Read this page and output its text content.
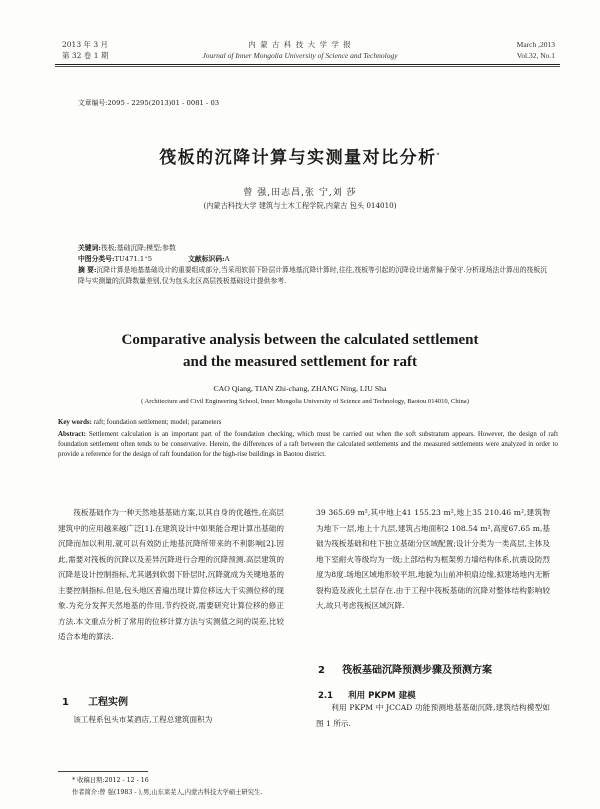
2013 年 3 月
第 32 卷 1 期
内 蒙 古 科 技 大 学 学 报
Journal of Inner Mongolia University of Science and Technology
March ,2013
Vol.32, No.1
文章编号:2095 - 2295(2013)01 - 0081 - 03
筏板的沉降计算与实测量对比分析*
曾 强,田志昌,张 宁,刘 莎
(内蒙古科技大学 建筑与土木工程学院,内蒙古 包头 014010)
摘 要:沉降计算是地基基础设计的重要组成部分,当采用软弱下卧层计算地基沉降计算时,往往,筏板等引起的沉降设计通常偏于保守.分析现场法计算出的筏板沉降与实测量的沉降数量差别,仅为包头北区高层筏板基础设计提供参考.
Comparative analysis between the calculated settlement
and the measured settlement for raft
CAO Qiang, TIAN Zhi-chang, ZHANG Ning, LIU Sha
( Architecture and Civil Engineering School, Inner Mongolia University of Science and Technology, Baotou 014010, China)
Key words: raft; foundation settlement; model; parameters
Abstract: Settlement calculation is an important part of the foundation checking, which must be carried out when the soft substratum appears. However, the design of raft foundation settlement often tends to be conservative. Herein, the differences of a raft between the calculated settlements and the measured settlements were analyzed in order to provide a reference for the design of raft foundation for the high-rise buildings in Baotou district.

筏板基础作为一种天然地基基础方案,以其自身的优越性,在高层建筑中的应用越来越广泛[1].在建筑设计中如果能合理计算出基础的沉降而加以利用,就可以有效防止地基沉降所带来的不利影响[2].因此,需要对筏板的沉降以及差异沉降进行合理的沉降预测.高层建筑的沉降是设计控制指标,尤其遇到软弱下卧层时,沉降就成为关键地基的主要控制指标.但是,包头地区普遍出现计算位移远大于实测位移的现象.为充分发挥天然地基的作用,节约投资,需要研究计算位移的修正方法.本文重点分析了常用的位移计算方法与实测值之间的误差,比较适合本地的算法.

1 工程实例

该工程系包头市某酒店,工程总建筑面积为

39 365.69 m²,其中地上41 155.23 m²,地上35 210.46 m²,建筑物为地下一层,地上十九层,建筑占地面积2 108.54 m²,高度67.65 m,基础为筏板基础和柱下独立基础分区域配置;设计分类为一类高层,主体及地下室耐火等级均为一级;上部结构为框架剪力墙结构体系,抗震设防烈度为8度.场地区域地形较平坦,地貌为山前冲积扇边缘,拟建场地内无断裂构造及液化土层存在.由于工程中筏板基础的沉降对整体结构影响较大,故只考虑筏板区域沉降.

2 筏板基础沉降预测步骤及预测方案
2.1 利用 PKPM 建模

利用 PKPM 中 JCCAD 功能预测地基基础沉降,建筑结构模型如图 1 所示.

* 收稿日期:2012 - 12 - 16
作者简介:曾 强(1983 - ),男,山东莱芜人,内蒙古科技大学硕士研究生.
关键词:筏板;基础沉降;模型;参数
中图分类号:TU471.1⁺5	文献标识码:A
